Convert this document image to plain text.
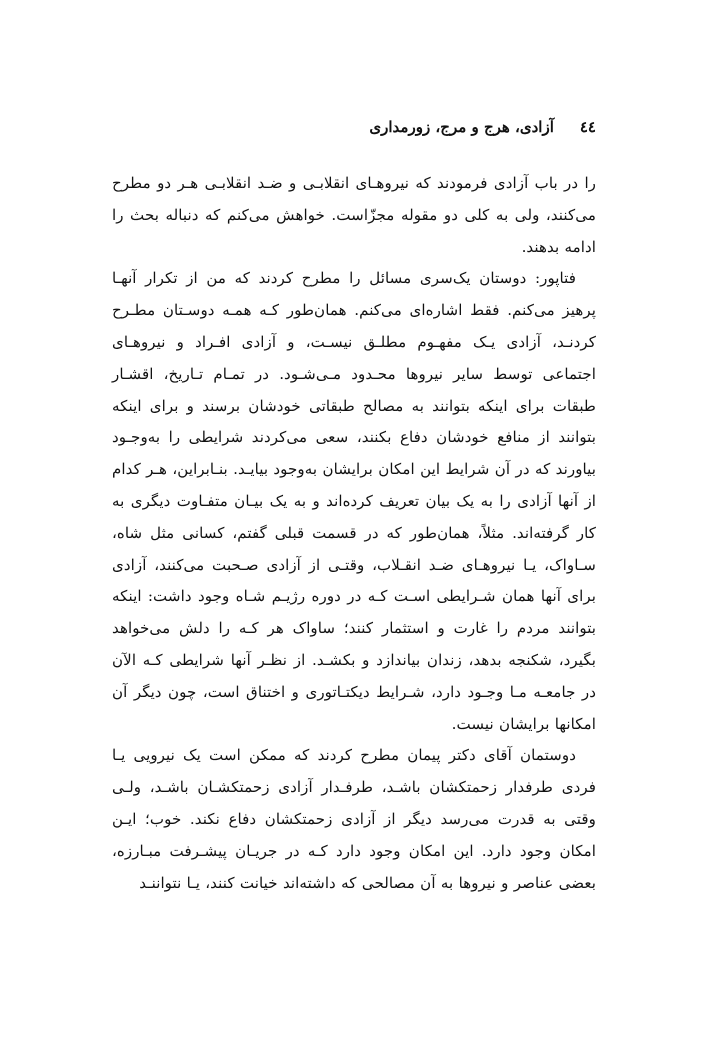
٤٤
آزادی، هرج و مرج، زورمداری

را در باب آزادی فرمودند که نیروهـای انقلابـی و ضـد انقلابـی هـر دو مطرح می‌کنند، ولی به کلی دو مقوله مجزّاست. خواهش می‌کنم که دنباله بحث را ادامه بدهند.

فتاپور: دوستان یک‌سری مسائل را مطرح کردند که من از تکرار آنهـا پرهیز می‌کنم. فقط اشاره‌ای می‌کنم. همان‌طور کـه همـه دوسـتان مطـرح کردنـد، آزادی یـک مفهـوم مطلـق نیسـت، و آزادی افـراد و نیروهـای اجتماعی توسط سایر نیروها محـدود مـی‌شـود. در تمـام تـاریخ، اقشـار طبقات برای اینکه بتوانند به مصالح طبقاتی خودشان برسند و برای اینکه بتوانند از منافع خودشان دفاع بکنند، سعی می‌کردند شرایطی را به‌وجـود بیاورند که در آن شرایط این امکان برایشان به‌وجود بیایـد. بنـابراین، هـر کدام از آنها آزادی را به یک بیان تعریف کرده‌اند و به یک بیـان متفـاوت دیگری به کار گرفته‌اند. مثلاً، همان‌طور که در قسمت قبلی گفتم، کسانی مثل شاه، سـاواک، یـا نیروهـای ضـد انقـلاب، وقتـی از آزادی صـحبت می‌کنند، آزادی برای آنها همان شـرایطی اسـت کـه در دوره رژیـم شـاه وجود داشت: اینکه بتوانند مردم را غارت و استثمار کنند؛ ساواک هر کـه را دلش می‌خواهد بگیرد، شکنجه بدهد، زندان بیاندازد و بکشـد. از نظـر آنها شرایطی کـه الآن در جامعـه مـا وجـود دارد، شـرایط دیکتـاتوری و اختناق است، چون دیگر آن امکانها برایشان نیست.

دوستمان آقای دکتر پیمان مطرح کردند که ممکن است یک نیرویی یـا فردی طرفدار زحمتکشان باشـد، طرفـدار آزادی زحمتکشـان باشـد، ولـی وقتی به قدرت می‌رسد دیگر از آزادی زحمتکشان دفاع نکند. خوب؛ ایـن امکان وجود دارد. این امکان وجود دارد کـه در جریـان پیشـرفت مبـارزه، بعضی عناصر و نیروها به آن مصالحی که داشته‌اند خیانت کنند، یـا نتواننـد
